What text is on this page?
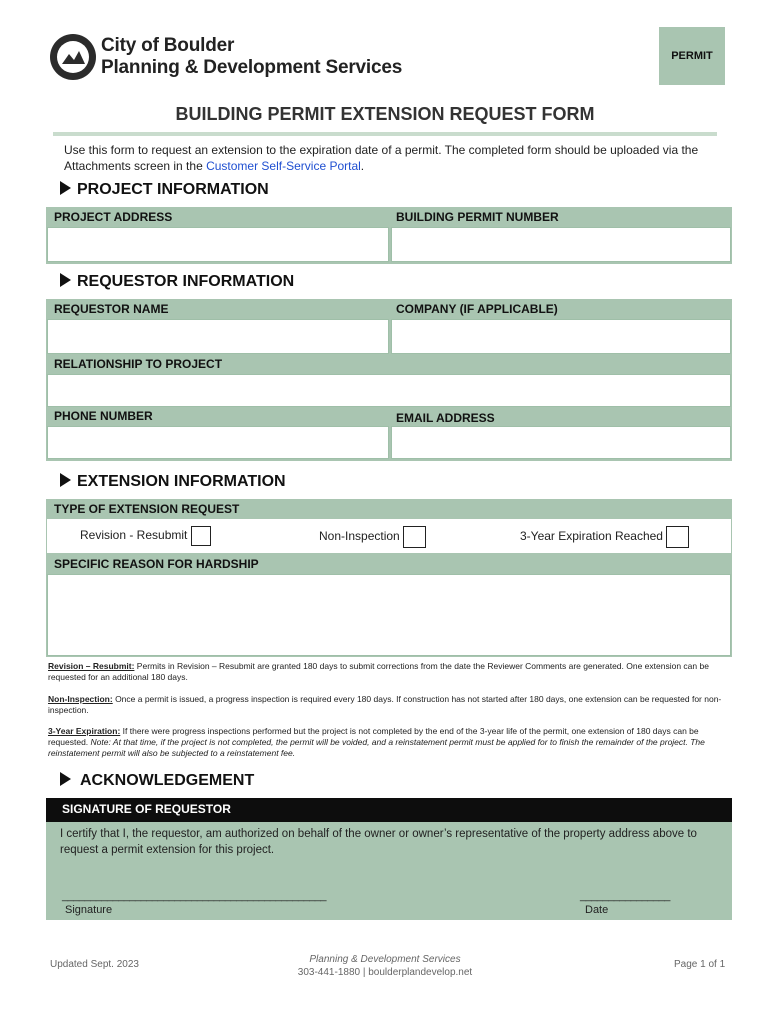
City of Boulder
Planning & Development Services
PERMIT
BUILDING PERMIT EXTENSION REQUEST FORM
Use this form to request an extension to the expiration date of a permit. The completed form should be uploaded via the Attachments screen in the Customer Self-Service Portal.
PROJECT INFORMATION
PROJECT ADDRESS	BUILDING PERMIT NUMBER
REQUESTOR INFORMATION
REQUESTOR NAME	COMPANY (IF APPLICABLE)
RELATIONSHIP TO PROJECT
PHONE NUMBER	EMAIL ADDRESS
EXTENSION INFORMATION
TYPE OF EXTENSION REQUEST
Revision - Resubmit	Non-Inspection	3-Year Expiration Reached
SPECIFIC REASON FOR HARDSHIP
Revision – Resubmit: Permits in Revision – Resubmit are granted 180 days to submit corrections from the date the Reviewer Comments are generated. One extension can be requested for an additional 180 days.
Non-Inspection: Once a permit is issued, a progress inspection is required every 180 days. If construction has not started after 180 days, one extension can be requested for non-inspection.
3-Year Expiration: If there were progress inspections performed but the project is not completed by the end of the 3-year life of the permit, one extension of 180 days can be requested. Note: At that time, if the project is not completed, the permit will be voided, and a reinstatement permit must be applied for to finish the remainder of the project. The reinstatement permit will also be subjected to a reinstatement fee.
ACKNOWLEDGEMENT
SIGNATURE OF REQUESTOR
I certify that I, the requestor, am authorized on behalf of the owner or owner’s representative of the property address above to request a permit extension for this project.
_______________________________________________	________________
Signature	Date
Updated Sept. 2023	Planning & Development Services
303-441-1880 | boulderplandevelop.net
Page 1 of 1
